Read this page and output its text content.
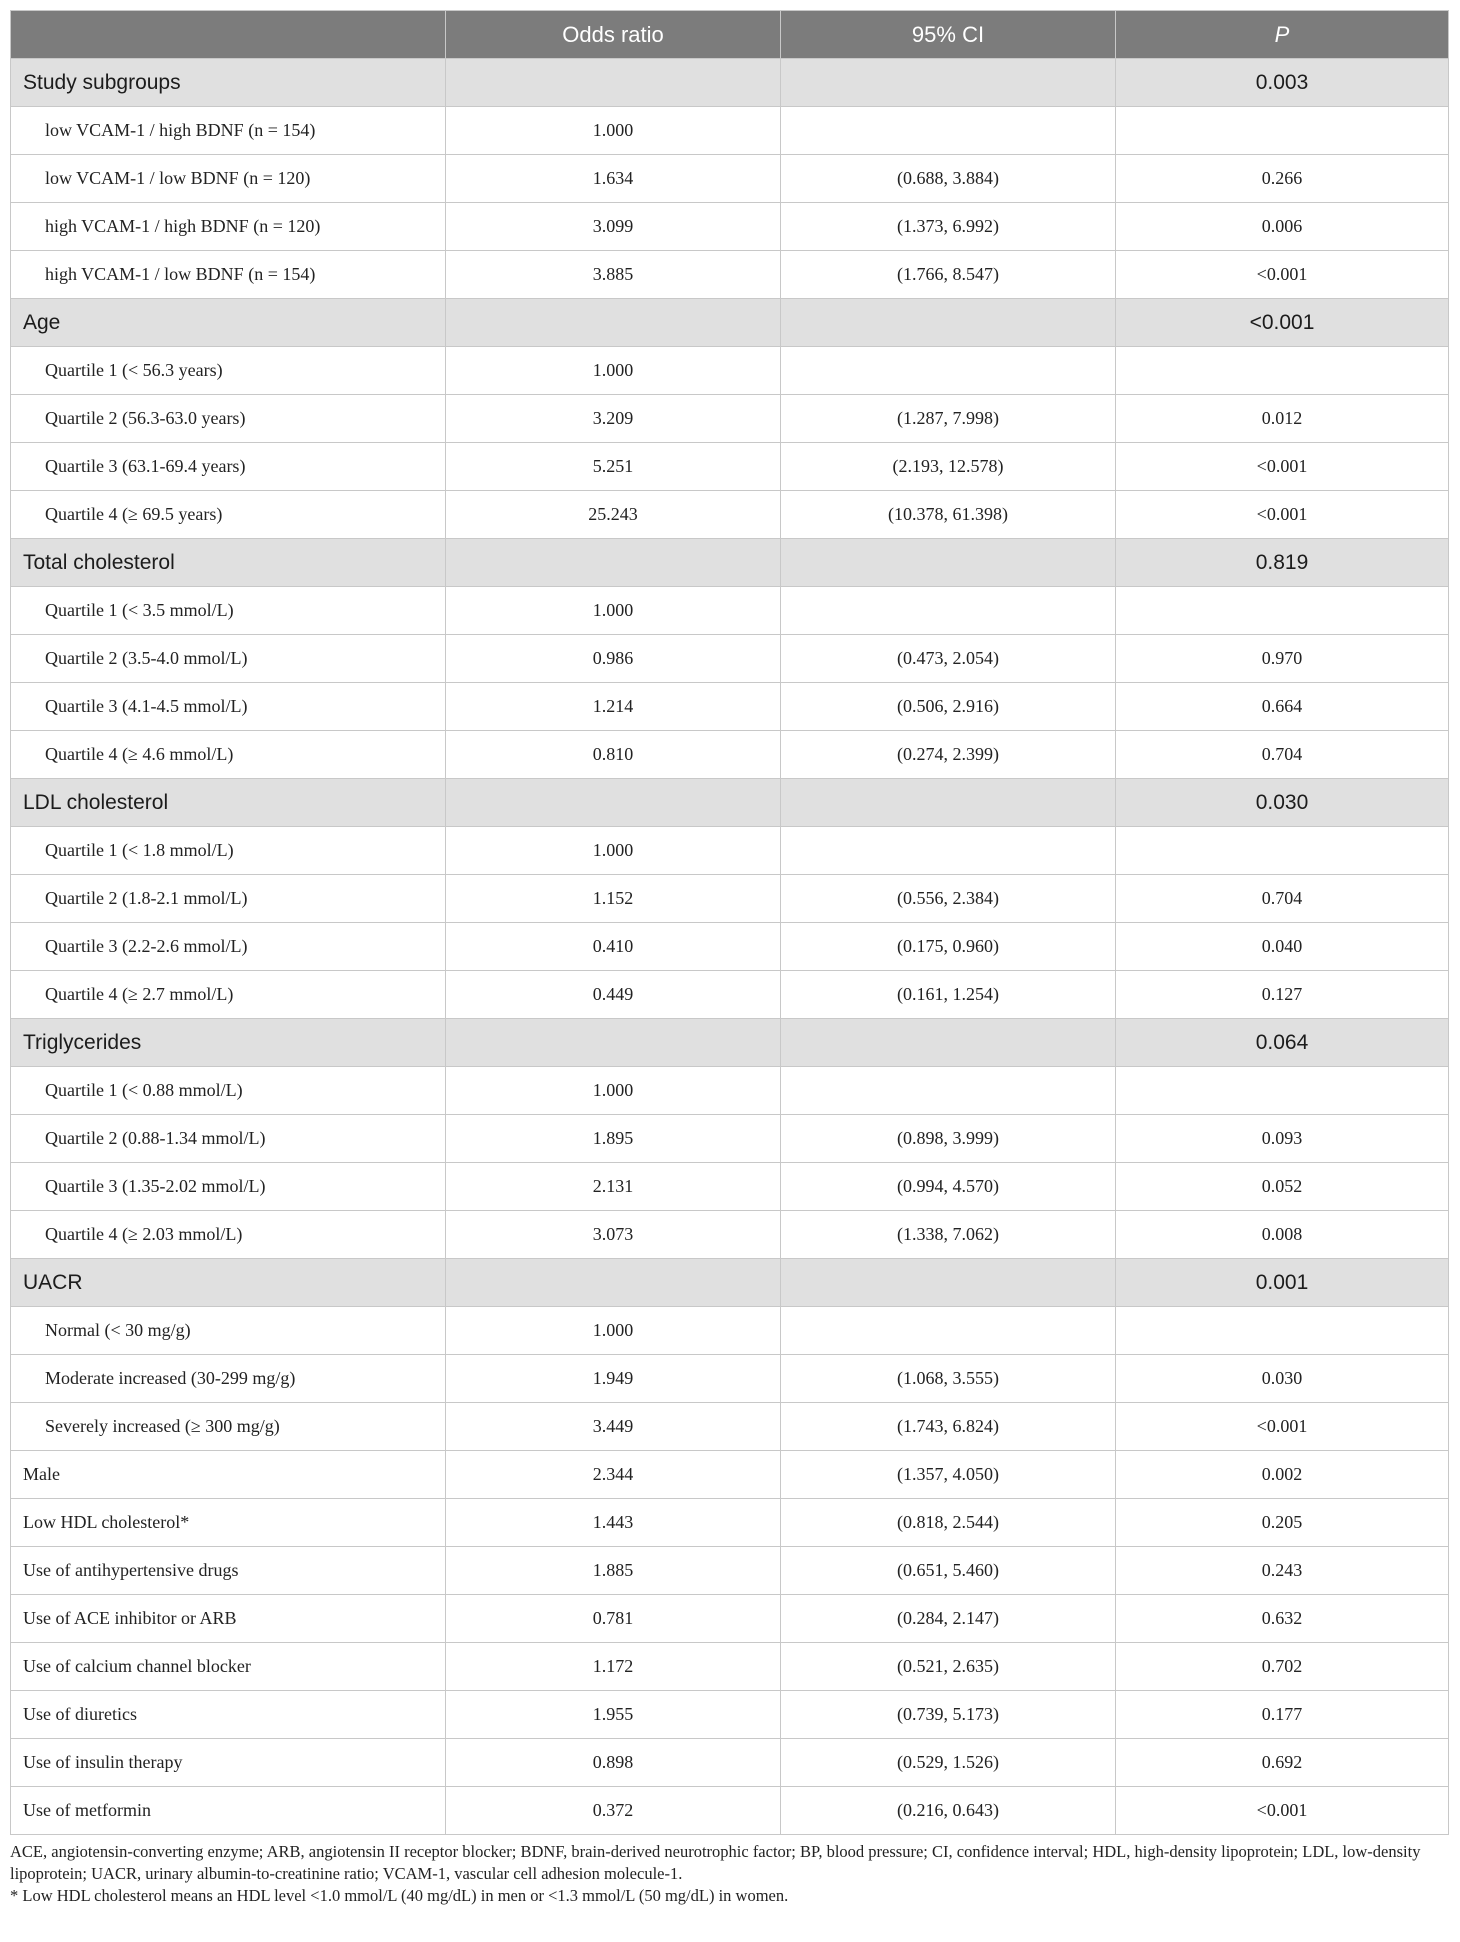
	Odds ratio	95% CI	P
Study subgroups			0.003
low VCAM-1 / high BDNF (n = 154)	1.000		
low VCAM-1 / low BDNF (n = 120)	1.634	(0.688, 3.884)	0.266
high VCAM-1 / high BDNF (n = 120)	3.099	(1.373, 6.992)	0.006
high VCAM-1 / low BDNF (n = 154)	3.885	(1.766, 8.547)	<0.001
Age			<0.001
Quartile 1 (< 56.3 years)	1.000		
Quartile 2 (56.3-63.0 years)	3.209	(1.287, 7.998)	0.012
Quartile 3 (63.1-69.4 years)	5.251	(2.193, 12.578)	<0.001
Quartile 4 (≥ 69.5 years)	25.243	(10.378, 61.398)	<0.001
Total cholesterol			0.819
Quartile 1 (< 3.5 mmol/L)	1.000		
Quartile 2 (3.5-4.0 mmol/L)	0.986	(0.473, 2.054)	0.970
Quartile 3 (4.1-4.5 mmol/L)	1.214	(0.506, 2.916)	0.664
Quartile 4 (≥ 4.6 mmol/L)	0.810	(0.274, 2.399)	0.704
LDL cholesterol			0.030
Quartile 1 (< 1.8 mmol/L)	1.000		
Quartile 2 (1.8-2.1 mmol/L)	1.152	(0.556, 2.384)	0.704
Quartile 3 (2.2-2.6 mmol/L)	0.410	(0.175, 0.960)	0.040
Quartile 4 (≥ 2.7 mmol/L)	0.449	(0.161, 1.254)	0.127
Triglycerides			0.064
Quartile 1 (< 0.88 mmol/L)	1.000		
Quartile 2 (0.88-1.34 mmol/L)	1.895	(0.898, 3.999)	0.093
Quartile 3 (1.35-2.02 mmol/L)	2.131	(0.994, 4.570)	0.052
Quartile 4 (≥ 2.03 mmol/L)	3.073	(1.338, 7.062)	0.008
UACR			0.001
Normal (< 30 mg/g)	1.000		
Moderate increased (30-299 mg/g)	1.949	(1.068, 3.555)	0.030
Severely increased (≥ 300 mg/g)	3.449	(1.743, 6.824)	<0.001
Male	2.344	(1.357, 4.050)	0.002
Low HDL cholesterol*	1.443	(0.818, 2.544)	0.205
Use of antihypertensive drugs	1.885	(0.651, 5.460)	0.243
Use of ACE inhibitor or ARB	0.781	(0.284, 2.147)	0.632
Use of calcium channel blocker	1.172	(0.521, 2.635)	0.702
Use of diuretics	1.955	(0.739, 5.173)	0.177
Use of insulin therapy	0.898	(0.529, 1.526)	0.692
Use of metformin	0.372	(0.216, 0.643)	<0.001
ACE, angiotensin-converting enzyme; ARB, angiotensin II receptor blocker; BDNF, brain-derived neurotrophic factor; BP, blood pressure; CI, confidence interval; HDL, high-density lipoprotein; LDL, low-density lipoprotein; UACR, urinary albumin-to-creatinine ratio; VCAM-1, vascular cell adhesion molecule-1.
* Low HDL cholesterol means an HDL level <1.0 mmol/L (40 mg/dL) in men or <1.3 mmol/L (50 mg/dL) in women.
